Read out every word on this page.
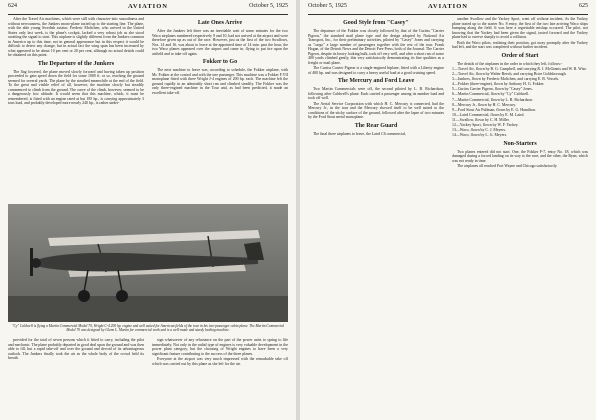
624	AVIATION	October 5, 1925

After the Travel Air machines, which were still with character-istic smoothness and without nervousness, the Junkers mono-plane taxied up to the starting line. The plane, with the able young Swedish aviator, Frederic Moltchen, who arrived in the United States only last week, is the plane's cockpit, lacked a very robust job as she stood awaiting the signal to start. This airplane is slightly different from the Junkers common in America up to this time, not in general appearance but in this respect it would be difficult to detect any change, but in actual fact the wing span has been increased by what appeared to be about 10 per cent or 20 per cent, although no actual details could be obtained on this point.

The Departure of the Junkers

The flag lowered, the plane moved slowly forward and having taken up position proceeded to gain speed down the field for some 1000 ft. or so, reaching the ground seemed for several yards. The plane by the steadied meanwhile at the end of the field. To the great and visible relief of all, however, the machine slowly but steadily commenced to climb from the ground. The curve of the climb, however, seemed to be a dangerously low altitude. It would seem that this machine, which, it must be remembered, is fitted with an engine rated at but 185 hp., is carrying approximately 3 tons load, and probably developed more nearly 240 hp., is rather under-

Late Ones Arrive

After the Junkers left there was an inevitable wait of some minutes for the two Waco airplanes numbered respectively 9 and 10, had not arrived at the airport and were therefore given up as out of the race. However, just as the first of the two Swallows, Nos. 14 and 16, was about to leave at the appointed time of 14 min. past the hour, the two Waco planes appeared over the airport and came in, flying to put tire upon the airfield and to take-off again.

Fokker to Go

The next machine to leave was, according to schedule, the Fokker airplane, with Mr. Fokker at the control and with the one passenger. This machine was a Fokker F.VII monoplane fitted with three Wright J-4 engines of 200 hp. each. The machine left the ground rapidly in an admirably short run and climbed steadily. The Fokker was the only three-engined machine in the Tour and, as had been predicted, it made an excellent take-off.

"Cy" Caldwell is flying a Martin Commercial Model 70, Wright C-4 200 hp. engine and well suited for American fields of the tour in his two-passenger cabin plane. The Martin Commercial Model 70 was designed by Glenn L. Martin for commercial work and is a well-made and sturdy looking machine.

provided for the total of seven persons which it fitted to carry, including the pilot and mechanic. The plane probably departed in good deal upon the ground and was then able to fill, but a rapid take-off and over the ground and devoid of its advantageous outlook. The Junkers finally took the air as the whole body of the crowd held its breath.

sign whatsoever of any reluctance on the part of the power units to spring to life immediately. Not only in the radial type of engines is very valuable development in the power plant category, but the choosing of Wright engines to have been a very significant feature contributing to the success of the three planes.

Everyone at the airport was very much impressed with the remarkable take off which was carried out by this plane as she left for the air.

October 5, 1925	AVIATION	625
Good Style from "Casey"

The departure of the Fokker was closely followed by that of the Curtiss "Carrier Pigeon," the standard mail plane type and the design adopted by National Air Transport, Inc., for their preliminary activities, piloted by "Casey" Jones and carrying as "cargo" a large number of passengers together with the rest of the tour. Frank Hogan, of the Detroit News and the Detroit Free Press, both of the Journal. The Carrier Pigeon, despite its heavy looking bulk, took off very well, and after a short run of some 400 yards climbed gently, this very satisfactorily demonstrating its fine qualities as a freight or mail plane.

The Curtiss Carrier Pigeon is a single-engined biplane, fitted with a Liberty engine of 400 hp. and was designed to carry a heavy useful load at a good cruising speed.

The Mercury and Ford Leave

Two Martin Commercials were off, the second piloted by L. B. Richardson, following after Caldwell's plane. Each carried a passenger among its number load and took off well.

The Aerial Service Corporation with which H. C. Mercury is connected, had the Mercury Jr., in the tour and the Mercury showed itself to be well suited to the conditions of the sticky surface of the ground, followed after the lapse of two minutes by the Ford Stout metal monoplane.

The Rear Guard

The final three airplanes to leave, the Laird C6 commercial,

another Swallow and the Yackey Sport, went off without incident. As the Yackey plane taxied up to the starter No. 8 entry, the first of the two late arriving Waco ships bumping along the field. It was here a regrettable mishap occurred. The pilot, not knowing that the Yackey had been given the signal, taxied forward and the Yackey plane had to swerve sharply to avoid a collision.

Both the Waco pilots, realizing their position, got away promptly after the Yackey had left, and the start was completed without further incident.

Order of Start

The details of the airplanes in the order in which they left, follows:-

1—Travel Air, flown by B. G. Campbell, and carrying R. J. McGinnis and W. R. Wise.

2—Travel Air, flown by Walter Beech, and carrying Brice Goldsborough.

3—Junkers, flown by Frederic Moltchen, and carrying E. B. Vessels.

4—Fokker (three-engine), flown by Anthony H. G. Fokker.

5—Curtiss Carrier Pigeon, flown by "Casey" Jones.

6—Martin Commercial, flown by "Cy" Caldwell.

7—Martin Commercial, flown by L. B. Richardson.

8—Mercury Jr., flown by H. C. Mercury.

9—Ford Stout Air Pullman, flown by E. G. Hamilton.

10—Laird Commercial, flown by E. M. Laird.

11—Swallow, flown by C. H. Miller.

12—Yackey Sport, flown by W. F. Yackey.

13—Waco, flown by C. J. Meyers.

14—Waco, flown by L. G. Meyers.

Non-Starters

Two planes entered did not start. One, the Fokker F-7, entry No. 18, which was damaged during a forced landing on its way to the race, and the other, the Ryan, which was not ready in time.

The airplanes all reached Fort Wayne and Chicago satisfactorily.
